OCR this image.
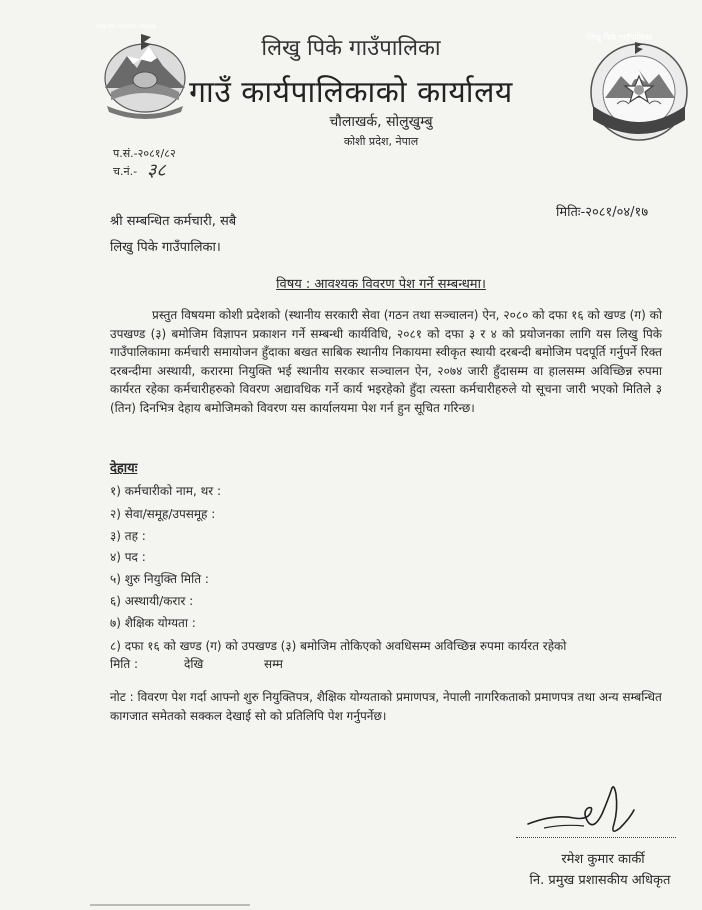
लिखु पिके गाउँपालिका सोलुखुम्बु
लिखु पिके गाउँपालिका
लिखु पिके गाउँपालिका
गाउँ कार्यपालिकाको कार्यालय
चौलाखर्क, सोलुखुम्बु
कोशी प्रदेश, नेपाल
प.सं.-२०८१/८२
च.नं.- ३८
मितिः-२०८१/०४/१७
श्री सम्बन्धित कर्मचारी, सबै
लिखु पिके गाउँपालिका।
विषय : आवश्यक विवरण पेश गर्ने सम्बन्धमा।
प्रस्तुत विषयमा कोशी प्रदेशको (स्थानीय सरकारी सेवा (गठन तथा सञ्चालन) ऐन, २०८० को दफा १६ को खण्ड (ग) को उपखण्ड (३) बमोजिम विज्ञापन प्रकाशन गर्ने सम्बन्धी कार्यविधि, २०८१ को दफा ३ र ४ को प्रयोजनका लागि यस लिखु पिके गाउँपालिकामा कर्मचारी समायोजन हुँदाका बखत साबिक स्थानीय निकायमा स्वीकृत स्थायी दरबन्दी बमोजिम पदपूर्ति गर्नुपर्ने रिक्त दरबन्दीमा अस्थायी, करारमा नियुक्ति भई स्थानीय सरकार सञ्चालन ऐन, २०७४ जारी हुँदासम्म वा हालसम्म अविच्छिन्न रुपमा कार्यरत रहेका कर्मचारीहरुको विवरण अद्यावधिक गर्ने कार्य भइरहेको हुँदा त्यस्ता कर्मचारीहरुले यो सूचना जारी भएको मितिले ३ (तिन) दिनभित्र देहाय बमोजिमको विवरण यस कार्यालयमा पेश गर्न हुन सूचित गरिन्छ।
देहायः
१) कर्मचारीको नाम, थर :
२) सेवा/समूह/उपसमूह :
३) तह :
४) पद :
५) शुरु नियुक्ति मिति :
६) अस्थायी/करार :
७) शैक्षिक योग्यता :
८) दफा १६ को खण्ड (ग) को उपखण्ड (३) बमोजिम तोकिएको अवधिसम्म अविच्छिन्न रुपमा कार्यरत रहेको
मिति :	देखि	सम्म
नोट : विवरण पेश गर्दा आफ्नो शुरु नियुक्तिपत्र, शैक्षिक योग्यताको प्रमाणपत्र, नेपाली नागरिकताको प्रमाणपत्र तथा अन्य सम्बन्धित कागजात समेतको सक्कल देखाई सो को प्रतिलिपि पेश गर्नुपर्नेछ।
रमेश कुमार कार्की
नि. प्रमुख प्रशासकीय अधिकृत
